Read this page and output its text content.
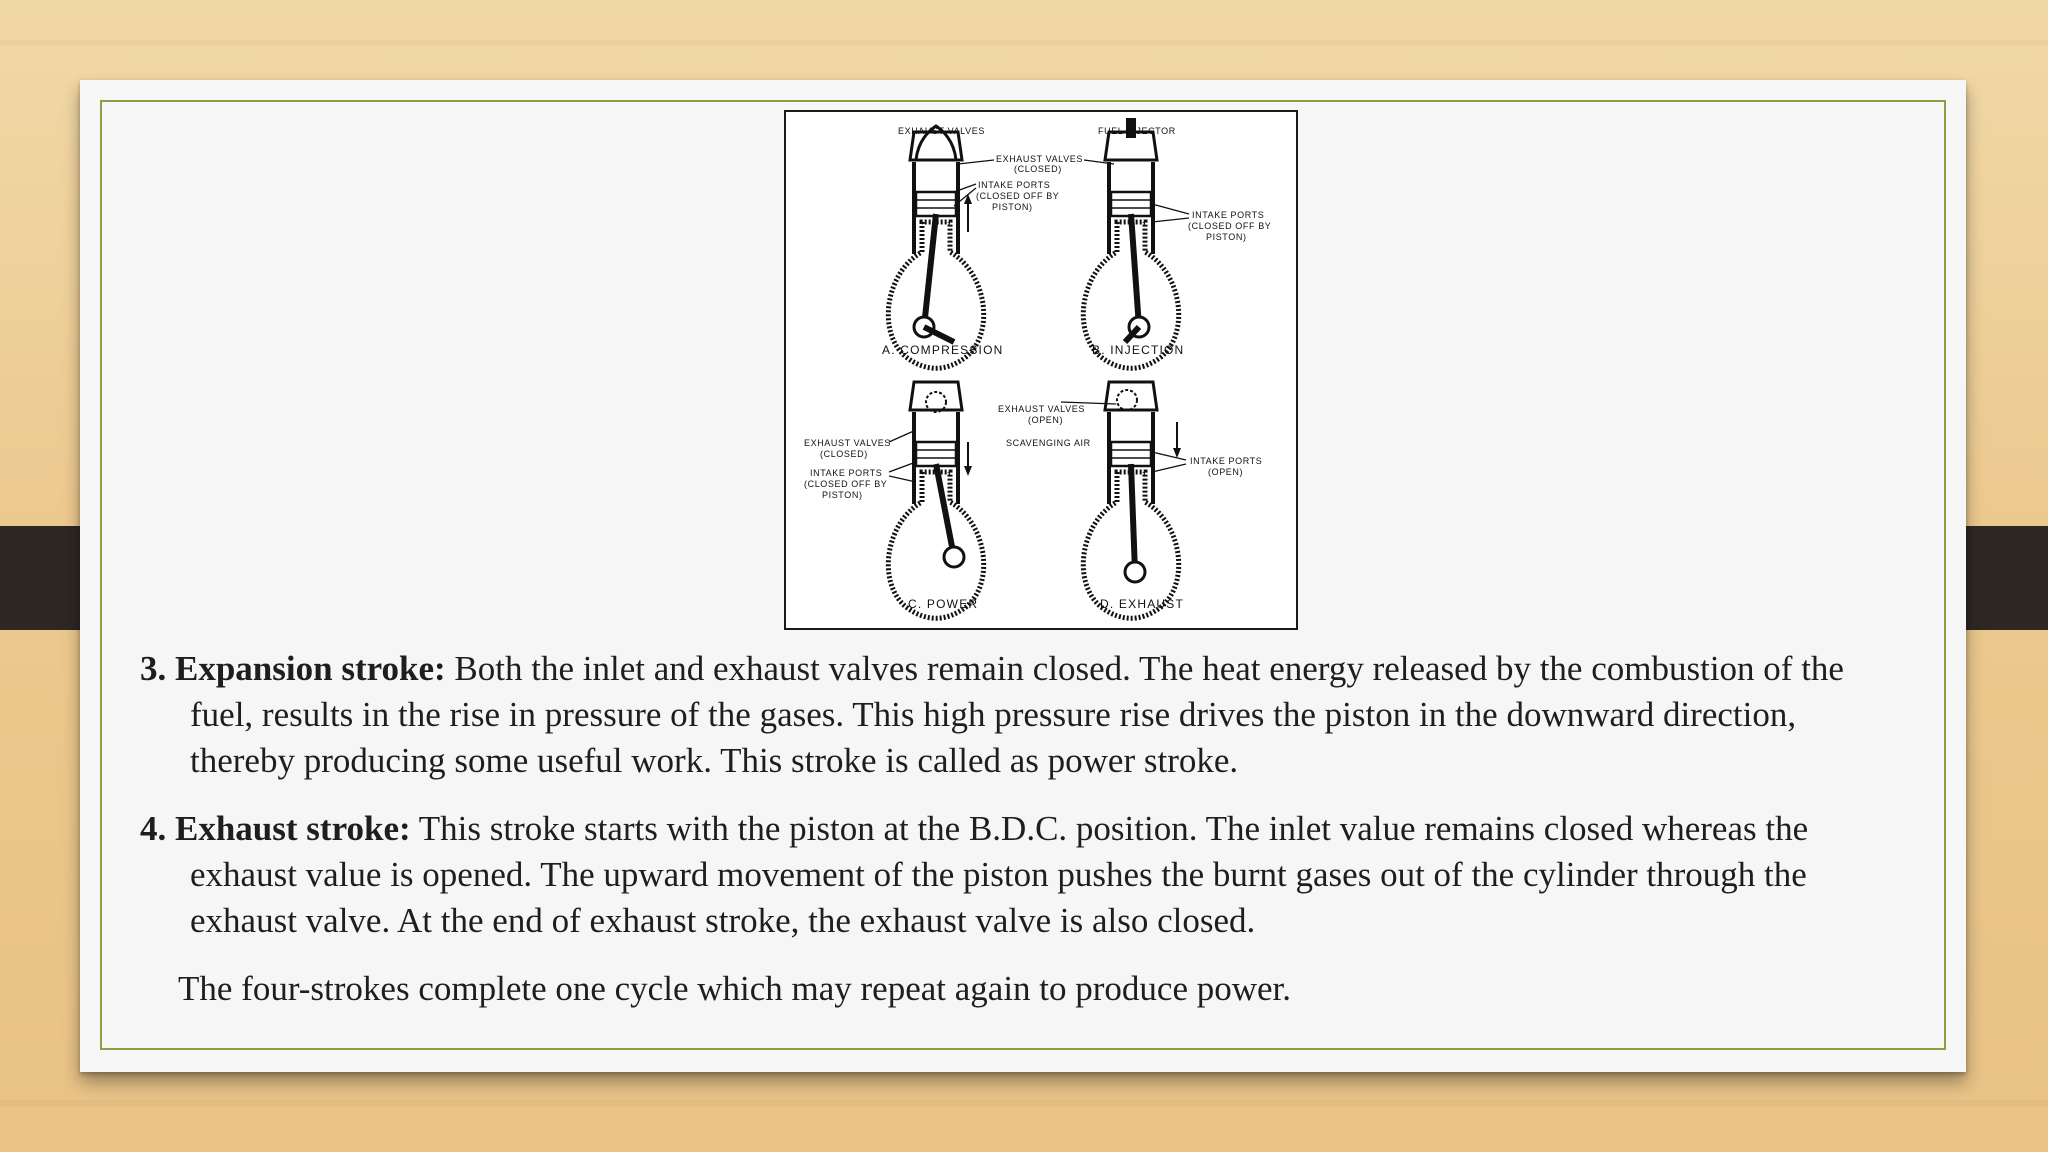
EXHAUST VALVES	FUEL INJECTOR
EXHAUST VALVES
(CLOSED)
INTAKE PORTS
(CLOSED OFF BY
PISTON)
INTAKE PORTS
(CLOSED OFF BY
PISTON)
EXHAUST VALVES
(OPEN)
SCAVENGING AIR
EXHAUST VALVES
(CLOSED)
INTAKE PORTS
(CLOSED OFF BY
PISTON)
INTAKE PORTS
(OPEN)
A. COMPRESSION	B. INJECTION
C. POWER	D. EXHAUST

3. Expansion stroke: Both the inlet and exhaust valves remain closed. The heat energy released by the combustion of the fuel, results in the rise in pressure of the gases. This high pressure rise drives the piston in the downward direction, thereby producing some useful work. This stroke is called as power stroke.

4. Exhaust stroke: This stroke starts with the piston at the B.D.C. position. The inlet value remains closed whereas the exhaust value is opened. The upward movement of the piston pushes the burnt gases out of the cylinder through the exhaust valve. At the end of exhaust stroke, the exhaust valve is also closed.

The four-strokes complete one cycle which may repeat again to produce power.
